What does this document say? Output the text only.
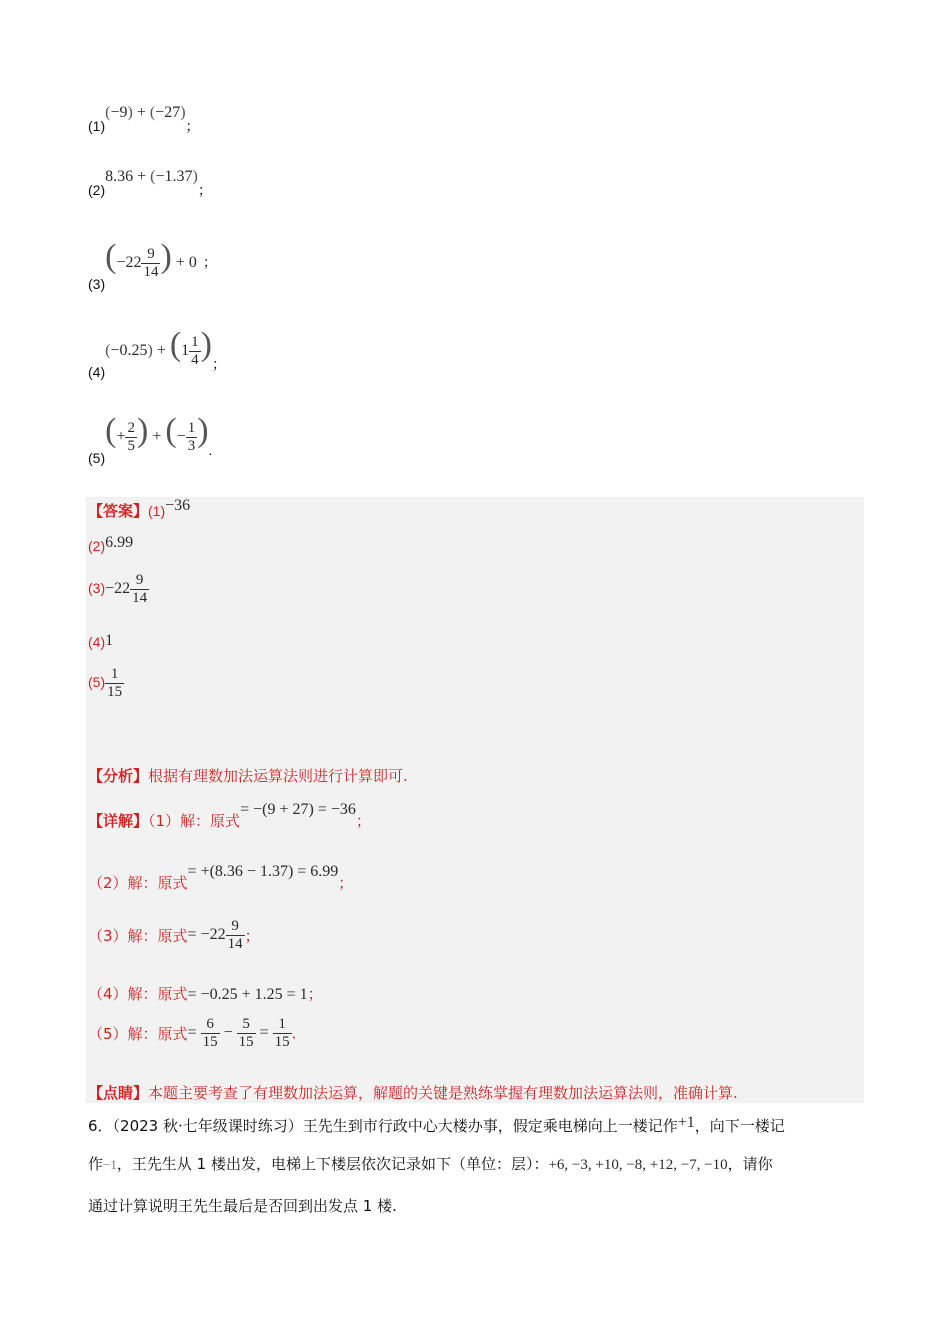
(1)(−9) + (−27)；
(2)8.36 + (−1.37)；
$(3)(-22 \frac{9}{14}$ ) + 0 ；
$(4)(-0.25) + (1 \frac{1}{4}$ )；
$(5)(+ \frac{2}{5}$ ) + (− $\frac{1}{3}$ ).
【答案】(1)−36
(2)6.99
$(3)-22 \frac{9}{14}$
(4)1
$(5) \frac{1}{15}$
【分析】根据有理数加法运算法则进行计算即可.
【详解】（1）解：原式= −(9 + 27) = −36；
（2）解：原式= +(8.36 − 1.37) = 6.99；
（3）解：原式= $-22 \frac{9}{14}$ ；
（4）解：原式= −0.25 + 1.25 = 1；
（5）解：原式= $\frac{6}{15} - \frac{5}{15} = \frac{1}{15}$ .
【点睛】本题主要考查了有理数加法运算，解题的关键是熟练掌握有理数加法运算法则，准确计算.
6．（2023 秋·七年级课时练习）王先生到市行政中心大楼办事，假定乘电梯向上一楼记作+1，向下一楼记
作−1，王先生从 1 楼出发，电梯上下楼层依次记录如下（单位：层）：+6, −3, +10, −8, +12, −7, −10，请你
通过计算说明王先生最后是否回到出发点 1 楼.
